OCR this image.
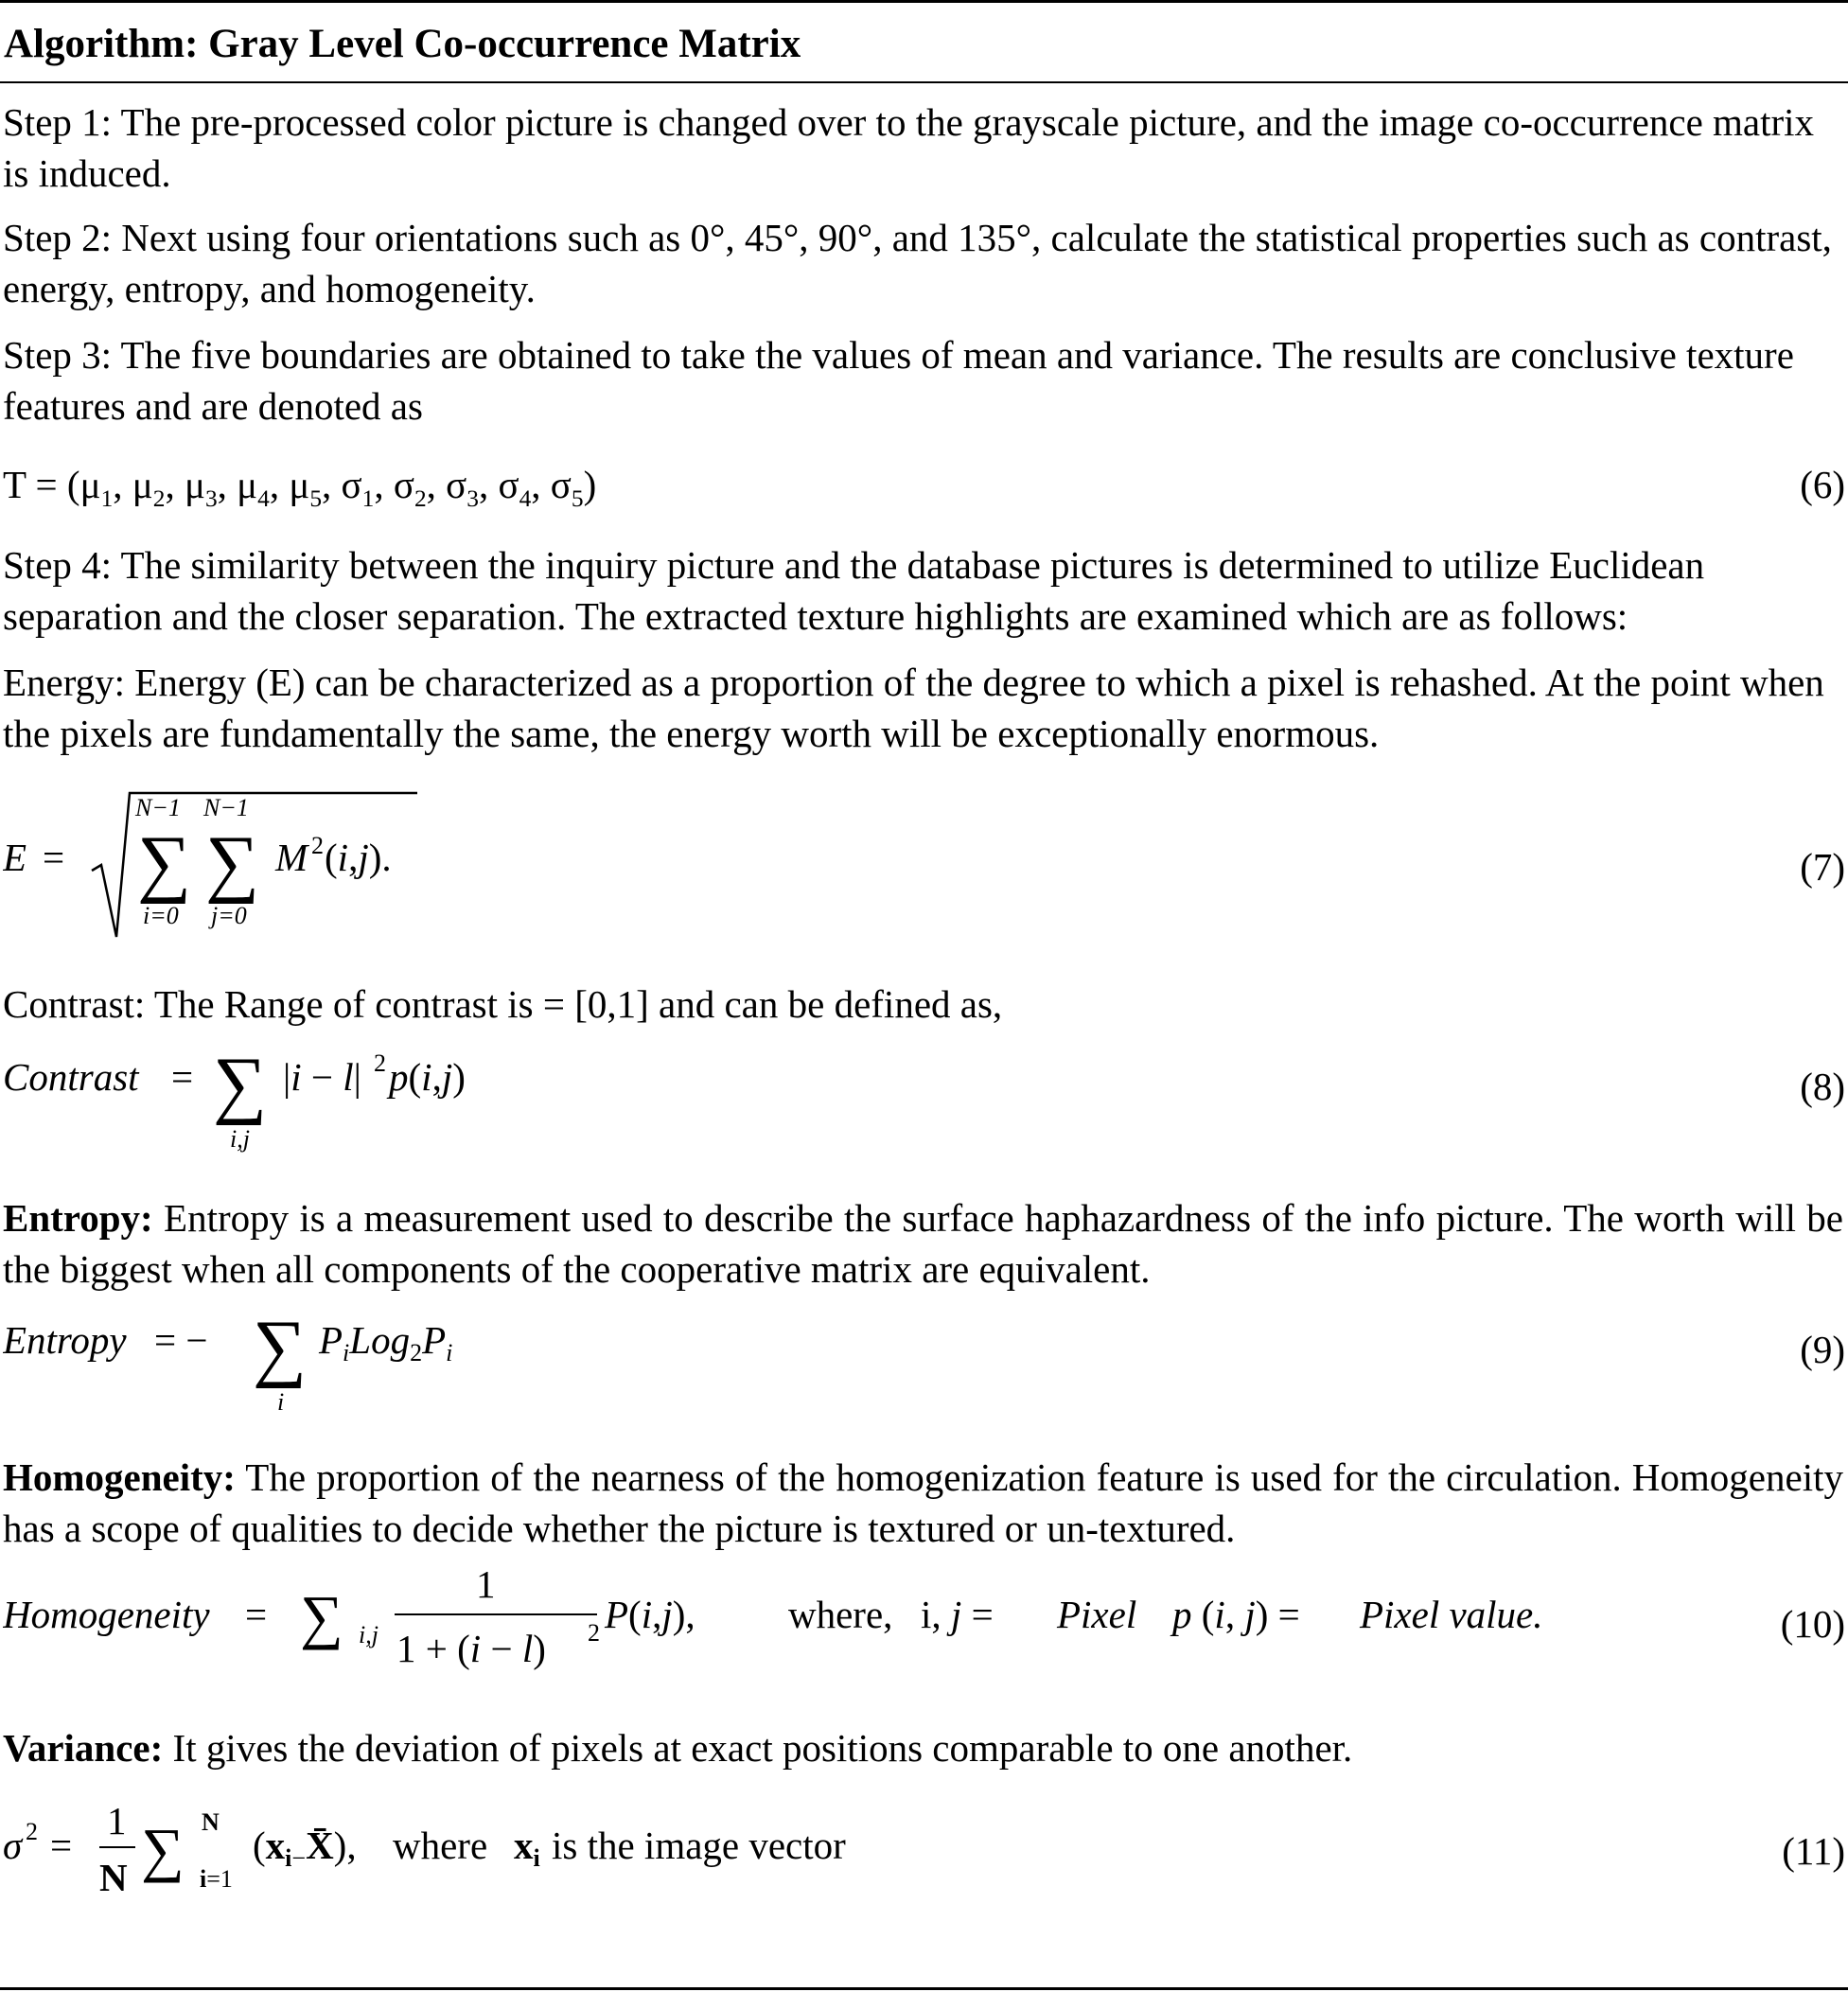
Algorithm: Gray Level Co-occurrence Matrix
Step 1: The pre-processed color picture is changed over to the grayscale picture, and the image co-occurrence matrix is induced.
Step 2: Next using four orientations such as 0°, 45°, 90°, and 135°, calculate the statistical properties such as contrast, energy, entropy, and homogeneity.
Step 3: The five boundaries are obtained to take the values of mean and variance. The results are conclusive texture features and are denoted as
$T = (\mu_1$, $\mu_2$, $\mu_3$, $\mu_4$, $\mu_5$, $\sigma_1$, $\sigma_2$, $\sigma_3$, $\sigma_4$, $\sigma_5$)	(6)
Step 4: The similarity between the inquiry picture and the database pictures is determined to utilize Euclidean separation and the closer separation. The extracted texture highlights are examined which are as follows:
Energy: Energy (E) can be characterized as a proportion of the degree to which a pixel is rehashed. At the point when the pixels are fundamentally the same, the energy worth will be exceptionally enormous.
E =
N−1
∑
i=0
N−1
∑
j=0
M 2 (i,j).	(7)
Contrast: The Range of contrast is = [0,1] and can be defined as,
Contrast = ∑
i,j
|i − l| 2 p(i,j)	(8)
Entropy: Entropy is a measurement used to describe the surface haphazardness of the info picture. The worth will be the biggest when all components of the cooperative matrix are equivalent.
Entropy = − ∑
i
PiLog2Pi	(9)
Homogeneity: The proportion of the nearness of the homogenization feature is used for the circulation. Homogeneity has a scope of qualities to decide whether the picture is textured or un-textured.
Homogeneity = ∑ i,j
1
1 + (i − l) 2 P(i,j), where, i, j = Pixel p (i, j) = Pixel value.	(10)
Variance: It gives the deviation of pixels at exact positions comparable to one another.
σ 2 =
1
N ∑ N
i=1
(xi−X̄), where xi is the image vector	(11)
